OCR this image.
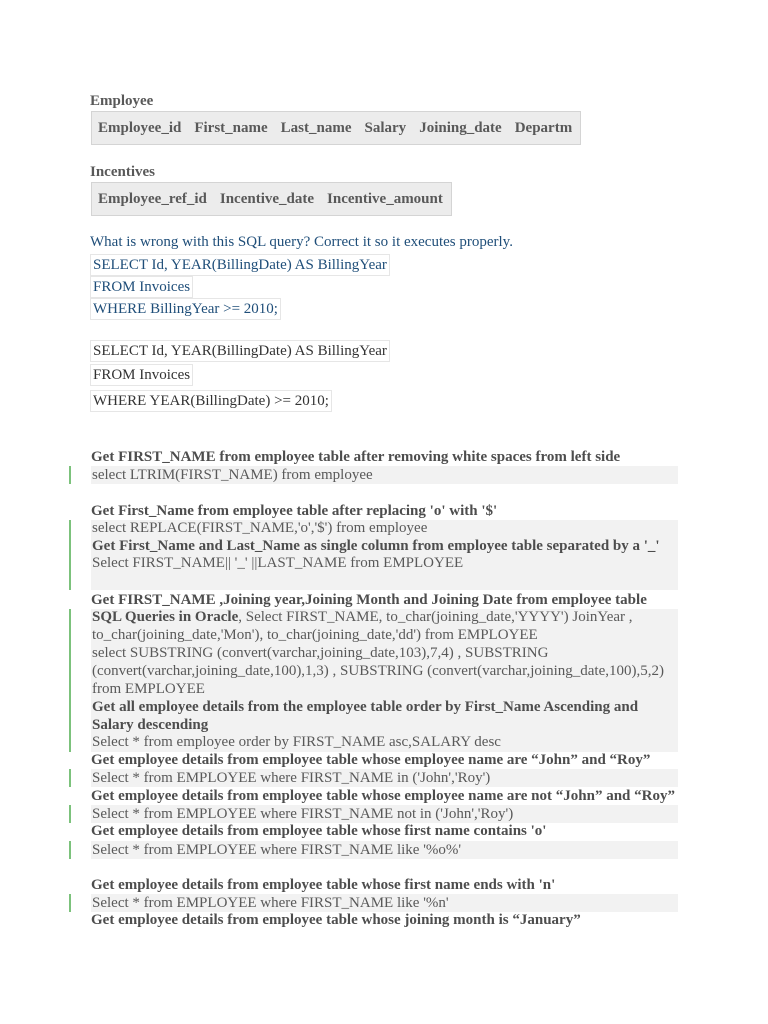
Employee
Employee_id First_name Last_name Salary Joining_date Departm
Incentives
Employee_ref_id Incentive_date Incentive_amount
What is wrong with this SQL query? Correct it so it executes properly.
SELECT Id, YEAR(BillingDate) AS BillingYear
FROM Invoices
WHERE BillingYear >= 2010;
SELECT Id, YEAR(BillingDate) AS BillingYear
FROM Invoices
WHERE YEAR(BillingDate) >= 2010;
Get FIRST_NAME from employee table after removing white spaces from left side
select LTRIM(FIRST_NAME) from employee
Get First_Name from employee table after replacing 'o' with '$'
select REPLACE(FIRST_NAME,'o','$') from employee
Get First_Name and Last_Name as single column from employee table separated by a '_'
Select FIRST_NAME|| '_' ||LAST_NAME from EMPLOYEE
Get FIRST_NAME ,Joining year,Joining Month and Joining Date from employee table
SQL Queries in Oracle, Select FIRST_NAME, to_char(joining_date,'YYYY') JoinYear ,
to_char(joining_date,'Mon'), to_char(joining_date,'dd') from EMPLOYEE
select SUBSTRING (convert(varchar,joining_date,103),7,4) , SUBSTRING
(convert(varchar,joining_date,100),1,3) , SUBSTRING (convert(varchar,joining_date,100),5,2)
from EMPLOYEE
Get all employee details from the employee table order by First_Name Ascending and
Salary descending
Select * from employee order by FIRST_NAME asc,SALARY desc
Get employee details from employee table whose employee name are “John” and “Roy”
Select * from EMPLOYEE where FIRST_NAME in ('John','Roy')
Get employee details from employee table whose employee name are not “John” and “Roy”
Select * from EMPLOYEE where FIRST_NAME not in ('John','Roy')
Get employee details from employee table whose first name contains 'o'
Select * from EMPLOYEE where FIRST_NAME like '%o%'
Get employee details from employee table whose first name ends with 'n'
Select * from EMPLOYEE where FIRST_NAME like '%n'
Get employee details from employee table whose joining month is “January”
